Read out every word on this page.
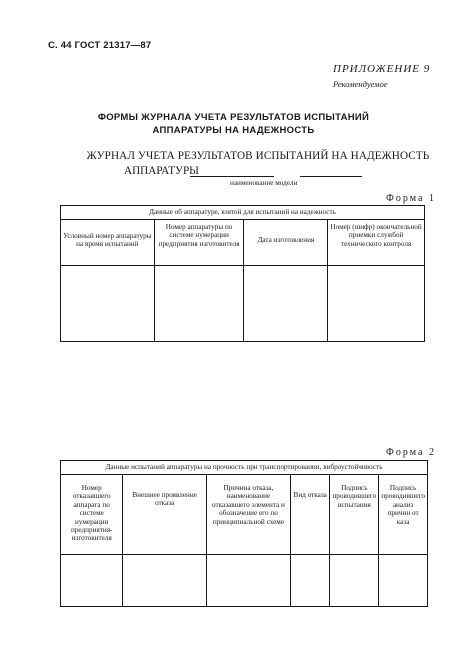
С. 44 ГОСТ 21317—87
ПРИЛОЖЕНИЕ 9
Рекомендуемое
ФОРМЫ ЖУРНАЛА УЧЕТА РЕЗУЛЬТАТОВ ИСПЫТАНИЙ
АППАРАТУРЫ НА НАДЕЖНОСТЬ
ЖУРНАЛ УЧЕТА РЕЗУЛЬТАТОВ ИСПЫТАНИЙ НА НАДЕЖНОСТЬ
АППАРАТУРЫ
наименование модели
Форма 1
Данные об аппаратуре, взятой для испытаний на надежность			
Условный номер аппаратуры на время испытаний	Номер аппаратуры по системе нумерации предприятия изготовителя	Дата изготовления	Номер (шифр) окончательной приемки службой технического контроля

Форма 2
Данные испытаний аппаратуры на прочность при транспортировании, виброустойчивость					
Номер отказавшего аппарата по системе нумерации предприятия-изготовителя	Внешнее проявление отказа	Причина отказа, наименование отказавшего элемента и обозначение его по принципиальной схеме	Вид отказа	Подпись проводившего испытания	Подпись проводившего анализ причин от каза
